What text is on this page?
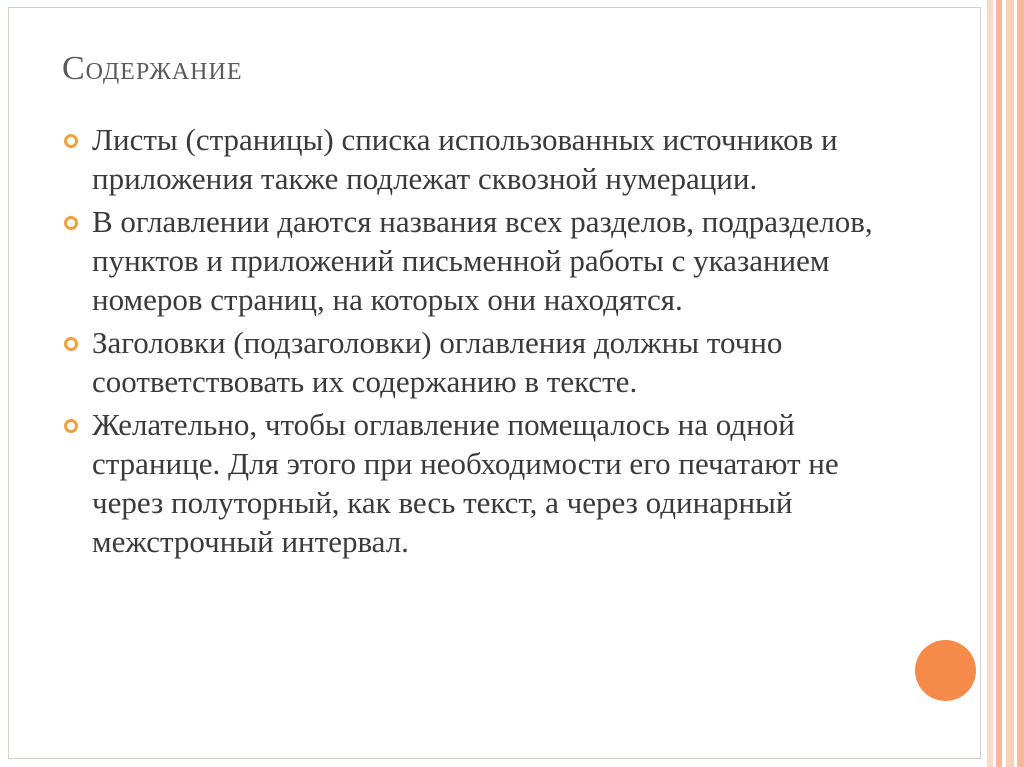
Содержание
Листы (страницы) списка использованных источников и приложения также подлежат сквозной нумерации.
В оглавлении даются названия всех разделов, подразделов, пунктов и приложений письменной работы с указанием номеров страниц, на которых они находятся.
Заголовки (подзаголовки) оглавления должны точно соответствовать их содержанию в тексте.
Желательно, чтобы оглавление помещалось на одной странице. Для этого при необходимости его печатают не через полуторный, как весь текст, а через одинарный межстрочный интервал.
